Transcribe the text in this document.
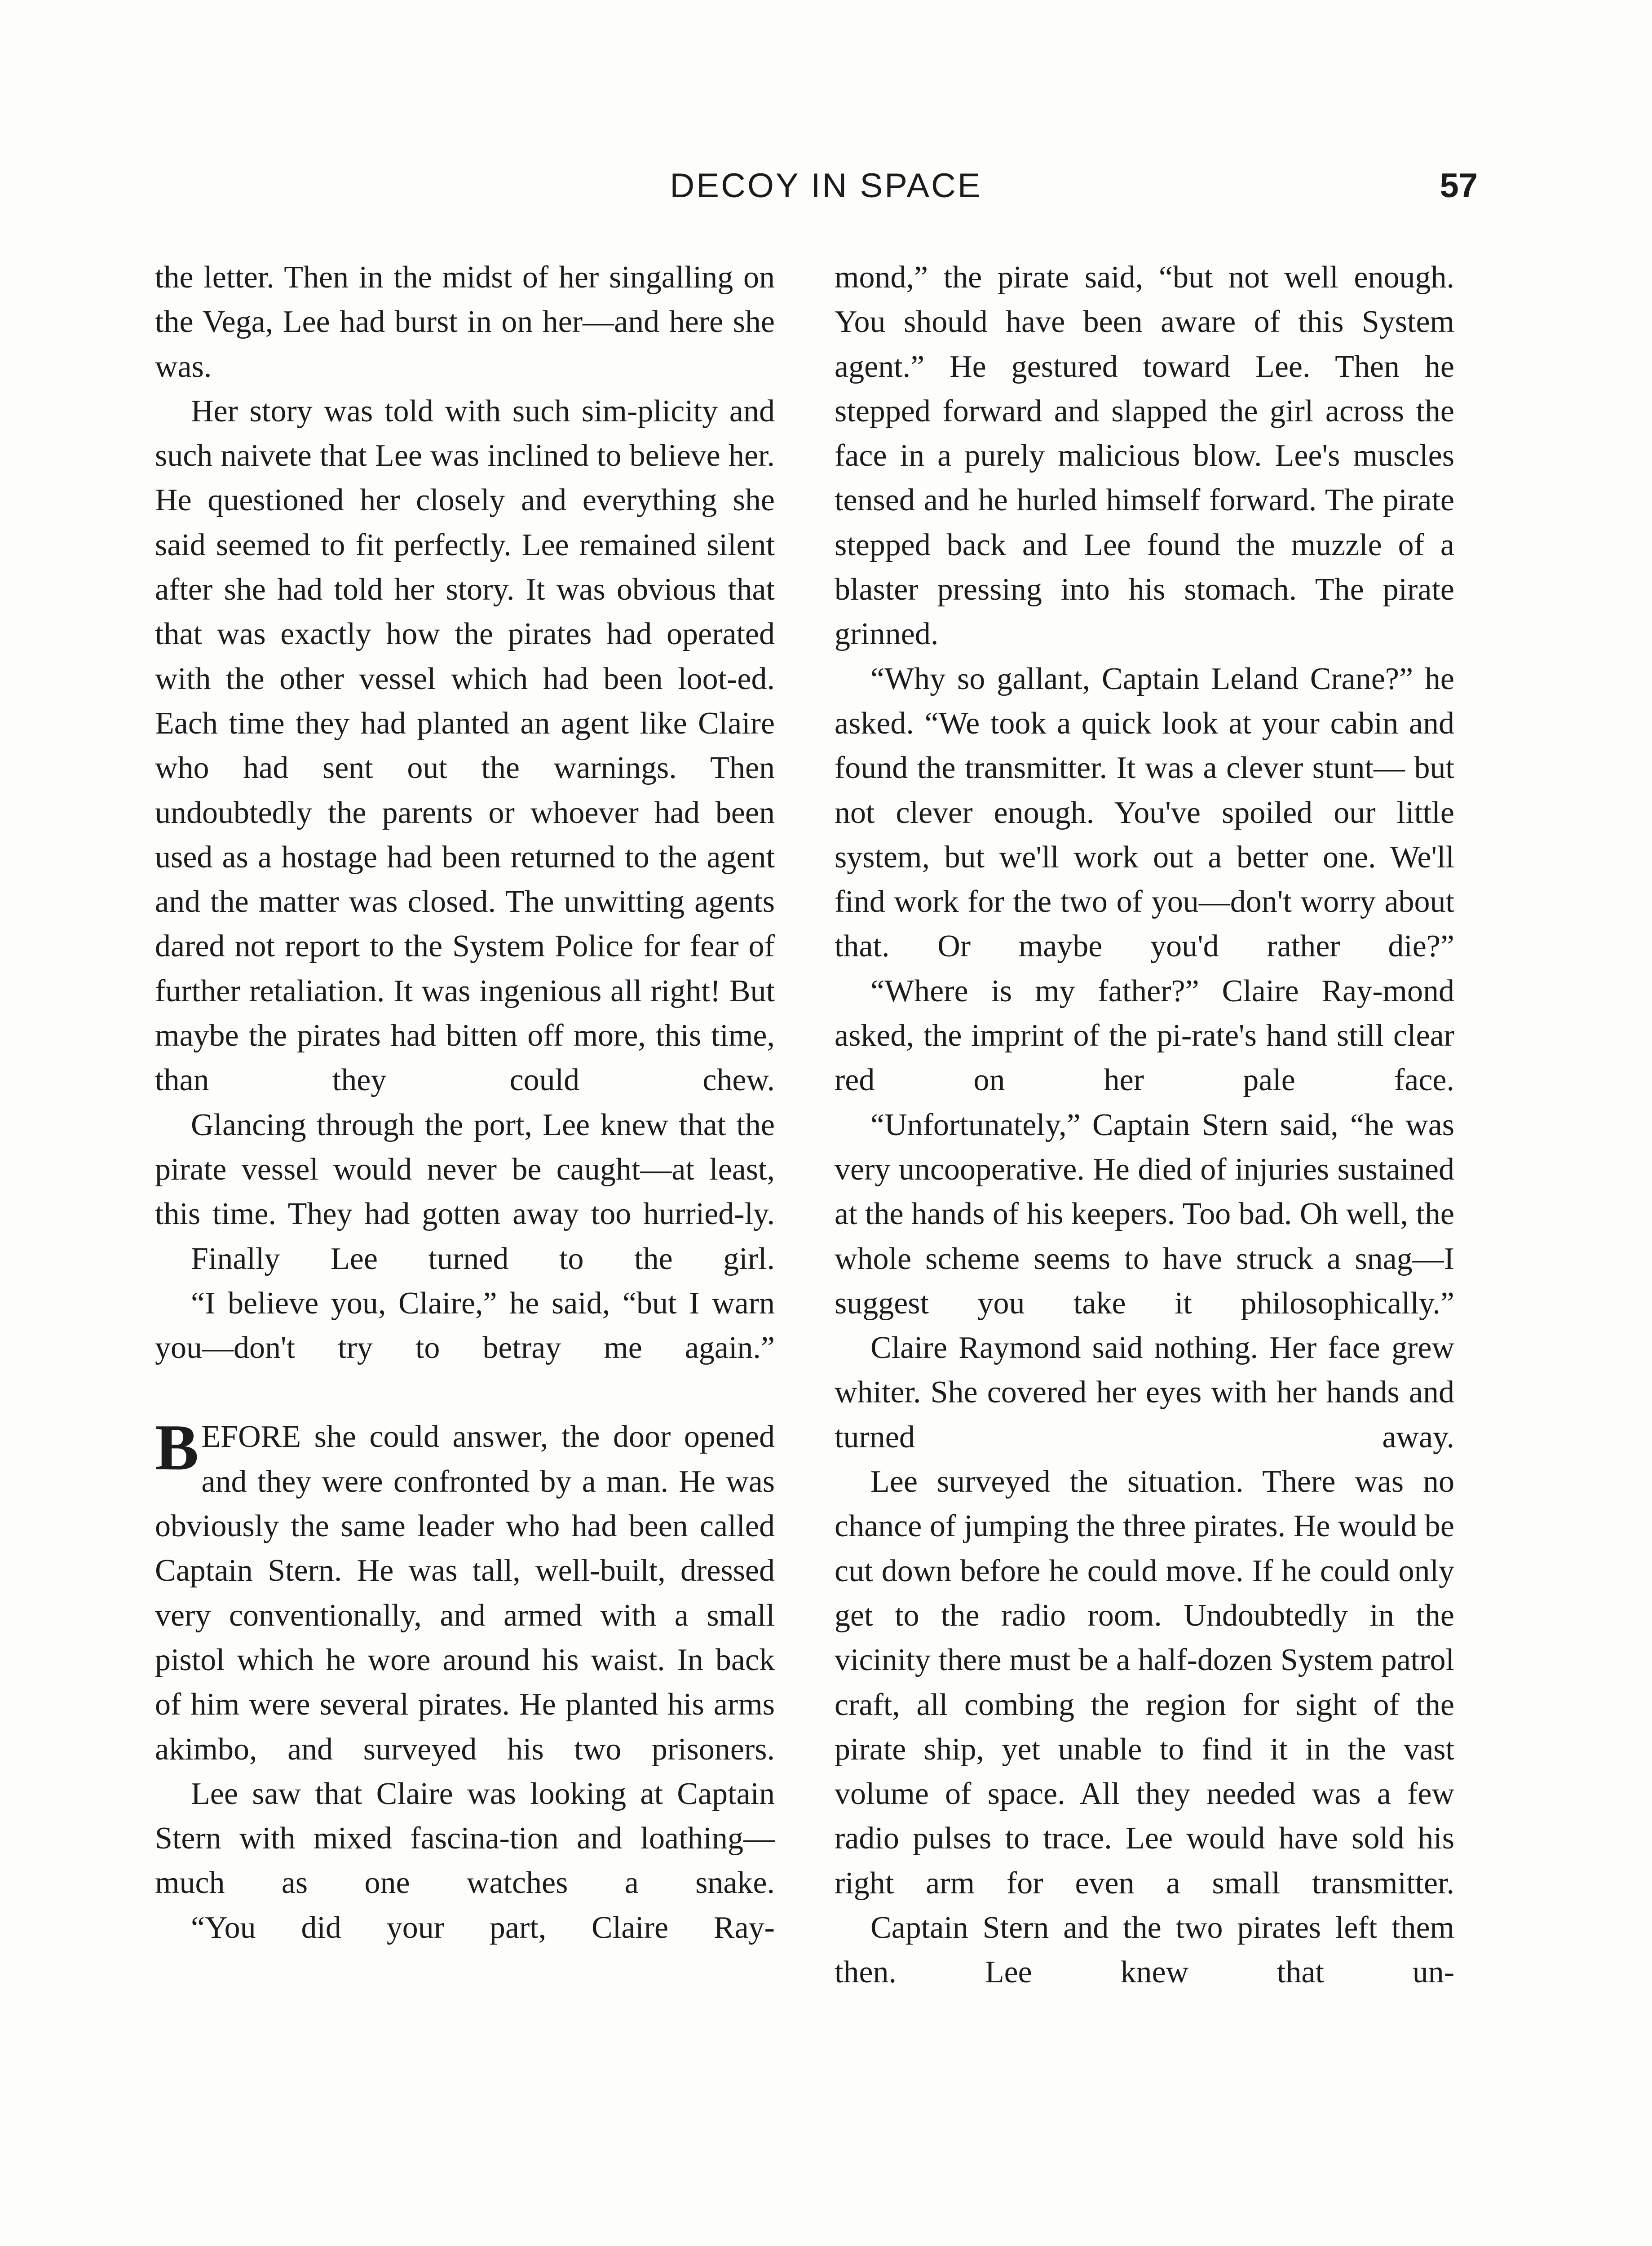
DECOY IN SPACE	57

the letter. Then in the midst of her singalling on the Vega, Lee had burst in on her—and here she was.

Her story was told with such sim-plicity and such naivete that Lee was inclined to believe her. He questioned her closely and everything she said seemed to fit perfectly. Lee remained silent after she had told her story. It was obvious that that was exactly how the pirates had operated with the other vessel which had been loot-ed. Each time they had planted an agent like Claire who had sent out the warnings. Then undoubtedly the parents or whoever had been used as a hostage had been returned to the agent and the matter was closed. The unwitting agents dared not report to the System Police for fear of further retaliation. It was ingenious all right! But maybe the pirates had bitten off more, this time, than they could chew.

Glancing through the port, Lee knew that the pirate vessel would never be caught—at least, this time. They had gotten away too hurried-ly.

Finally Lee turned to the girl.

“I believe you, Claire,” he said, “but I warn you—don't try to betray me again.”

BEFORE she could answer, the door opened and they were confronted by a man. He was obviously the same leader who had been called Captain Stern. He was tall, well-built, dressed very conventionally, and armed with a small pistol which he wore around his waist. In back of him were several pirates. He planted his arms akimbo, and surveyed his two prisoners.

Lee saw that Claire was looking at Captain Stern with mixed fascina-tion and loathing—much as one watches a snake.

“You did your part, Claire Ray-

mond,” the pirate said, “but not well enough. You should have been aware of this System agent.” He gestured toward Lee. Then he stepped forward and slapped the girl across the face in a purely malicious blow. Lee's muscles tensed and he hurled himself forward. The pirate stepped back and Lee found the muzzle of a blaster pressing into his stomach. The pirate grinned.

“Why so gallant, Captain Leland Crane?” he asked. “We took a quick look at your cabin and found the transmitter. It was a clever stunt— but not clever enough. You've spoiled our little system, but we'll work out a better one. We'll find work for the two of you—don't worry about that. Or maybe you'd rather die?”

“Where is my father?” Claire Ray-mond asked, the imprint of the pi-rate's hand still clear red on her pale face.

“Unfortunately,” Captain Stern said, “he was very uncooperative. He died of injuries sustained at the hands of his keepers. Too bad. Oh well, the whole scheme seems to have struck a snag—I suggest you take it philosophically.”

Claire Raymond said nothing. Her face grew whiter. She covered her eyes with her hands and turned away.

Lee surveyed the situation. There was no chance of jumping the three pirates. He would be cut down before he could move. If he could only get to the radio room. Undoubtedly in the vicinity there must be a half-dozen System patrol craft, all combing the region for sight of the pirate ship, yet unable to find it in the vast volume of space. All they needed was a few radio pulses to trace. Lee would have sold his right arm for even a small transmitter.

Captain Stern and the two pirates left them then. Lee knew that un-
